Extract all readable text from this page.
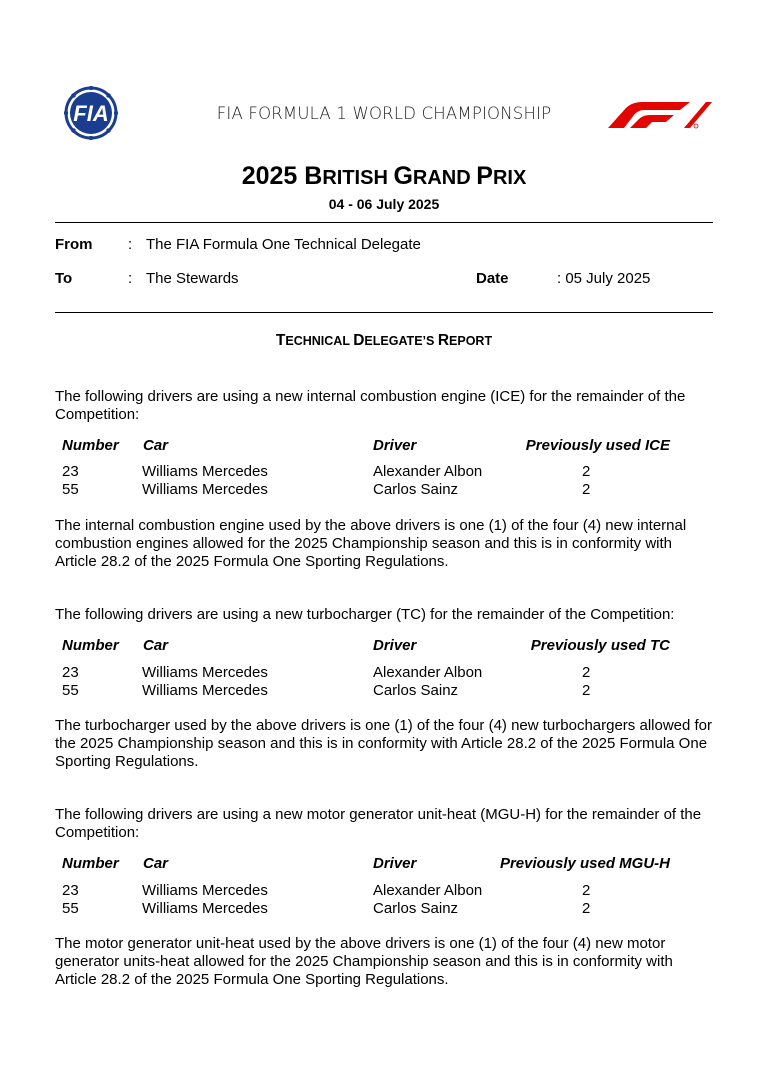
FIA	FIA FORMULA 1 WORLD CHAMPIONSHIP
2025 BRITISH GRAND PRIX
04 - 06 July 2025
From : The FIA Formula One Technical Delegate
To	: The Stewards	Date	: 05 July 2025
TECHNICAL DELEGATE’S REPORT
The following drivers are using a new internal combustion engine (ICE) for the remainder of the Competition:
Number Car	Driver	Previously used ICE
23	Williams Mercedes	Alexander Albon	2
55	Williams Mercedes	Carlos Sainz	2
The internal combustion engine used by the above drivers is one (1) of the four (4) new internal combustion engines allowed for the 2025 Championship season and this is in conformity with Article 28.2 of the 2025 Formula One Sporting Regulations.
The following drivers are using a new turbocharger (TC) for the remainder of the Competition:
Number Car	Driver	Previously used TC
23	Williams Mercedes	Alexander Albon	2
55	Williams Mercedes	Carlos Sainz	2
The turbocharger used by the above drivers is one (1) of the four (4) new turbochargers allowed for the 2025 Championship season and this is in conformity with Article 28.2 of the 2025 Formula One Sporting Regulations.
The following drivers are using a new motor generator unit-heat (MGU-H) for the remainder of the Competition:
Number Car	Driver	Previously used MGU-H
23	Williams Mercedes	Alexander Albon	2
55	Williams Mercedes	Carlos Sainz	2
The motor generator unit-heat used by the above drivers is one (1) of the four (4) new motor generator units-heat allowed for the 2025 Championship season and this is in conformity with Article 28.2 of the 2025 Formula One Sporting Regulations.
